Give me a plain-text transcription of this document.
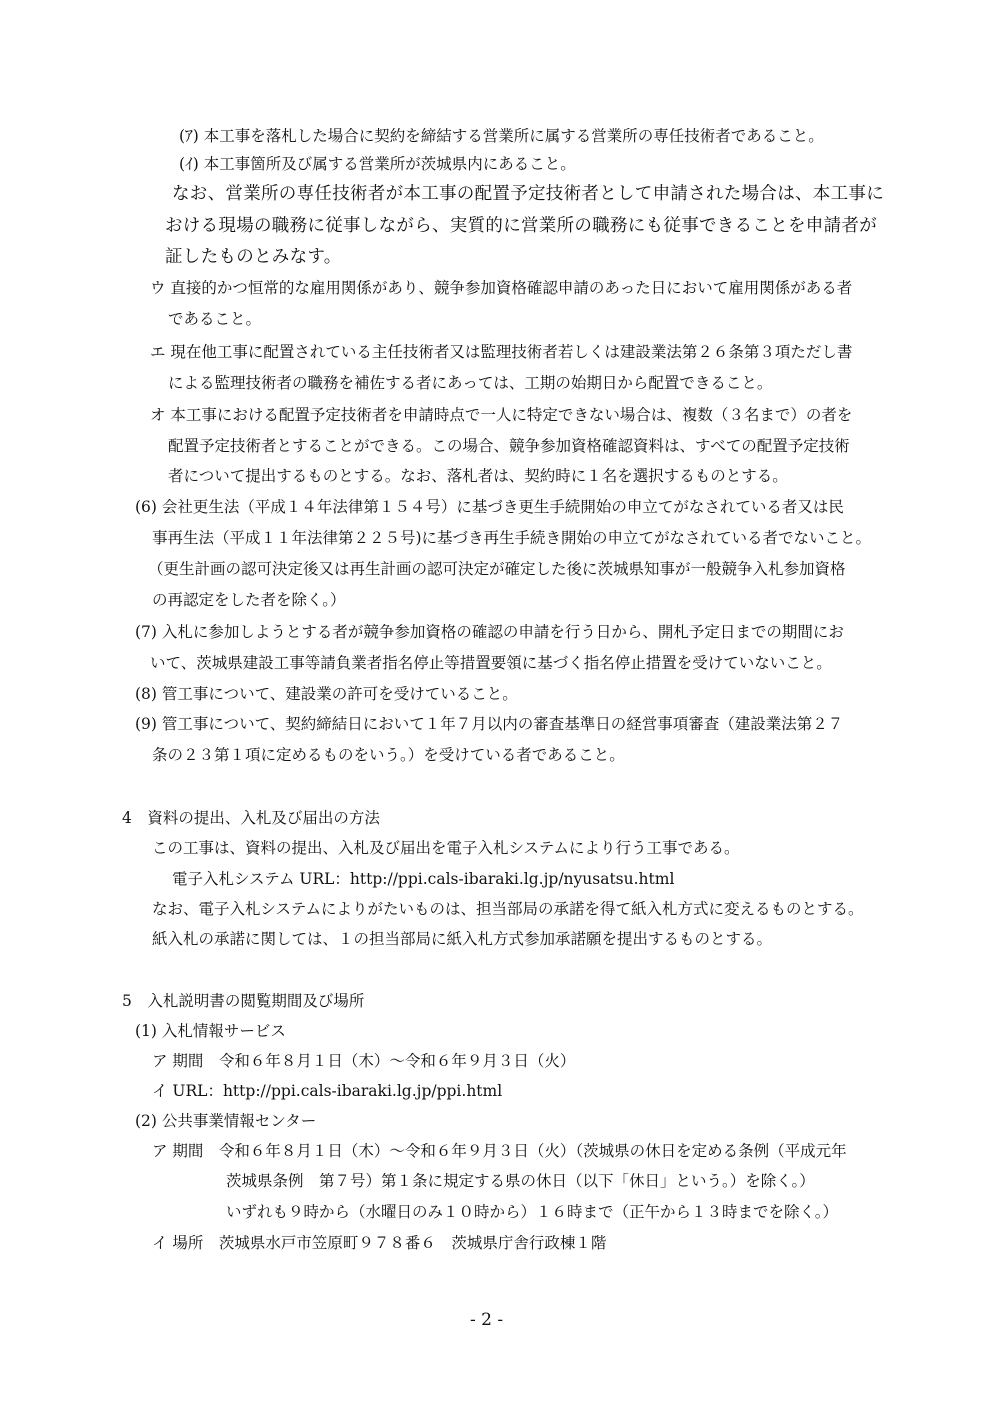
(ｱ) 本工事を落札した場合に契約を締結する営業所に属する営業所の専任技術者であること。
(ｲ) 本工事箇所及び属する営業所が茨城県内にあること。
なお、営業所の専任技術者が本工事の配置予定技術者として申請された場合は、本工事に
おける現場の職務に従事しながら、実質的に営業所の職務にも従事できることを申請者が
証したものとみなす。
ウ 直接的かつ恒常的な雇用関係があり、競争参加資格確認申請のあった日において雇用関係がある者
であること。
エ 現在他工事に配置されている主任技術者又は監理技術者若しくは建設業法第２６条第３項ただし書
による監理技術者の職務を補佐する者にあっては、工期の始期日から配置できること。
オ 本工事における配置予定技術者を申請時点で一人に特定できない場合は、複数（３名まで）の者を
配置予定技術者とすることができる。この場合、競争参加資格確認資料は、すべての配置予定技術
者について提出するものとする。なお、落札者は、契約時に１名を選択するものとする。
(6) 会社更生法（平成１４年法律第１５４号）に基づき更生手続開始の申立てがなされている者又は民
事再生法（平成１１年法律第２２５号)に基づき再生手続き開始の申立てがなされている者でないこと。
（更生計画の認可決定後又は再生計画の認可決定が確定した後に茨城県知事が一般競争入札参加資格
の再認定をした者を除く。）
(7) 入札に参加しようとする者が競争参加資格の確認の申請を行う日から、開札予定日までの期間にお
いて、茨城県建設工事等請負業者指名停止等措置要領に基づく指名停止措置を受けていないこと。
(8) 管工事について、建設業の許可を受けていること。
(9) 管工事について、契約締結日において１年７月以内の審査基準日の経営事項審査（建設業法第２７
条の２３第１項に定めるものをいう。）を受けている者であること。
4　資料の提出、入札及び届出の方法
この工事は、資料の提出、入札及び届出を電子入札システムにより行う工事である。
電子入札システム URL：http://ppi.cals-ibaraki.lg.jp/nyusatsu.html
なお、電子入札システムによりがたいものは、担当部局の承諾を得て紙入札方式に変えるものとする。
紙入札の承諾に関しては、１の担当部局に紙入札方式参加承諾願を提出するものとする。
5　入札説明書の閲覧期間及び場所
(1) 入札情報サービス
ア 期間　令和６年８月１日（木）～令和６年９月３日（火）
イ URL：http://ppi.cals-ibaraki.lg.jp/ppi.html
(2) 公共事業情報センター
ア 期間　令和６年８月１日（木）～令和６年９月３日（火）（茨城県の休日を定める条例（平成元年
茨城県条例　第７号）第１条に規定する県の休日（以下「休日」という。）を除く。）
いずれも９時から（水曜日のみ１０時から）１６時まで（正午から１３時までを除く。）
イ 場所　茨城県水戸市笠原町９７８番６　茨城県庁舎行政棟１階
- 2 -
